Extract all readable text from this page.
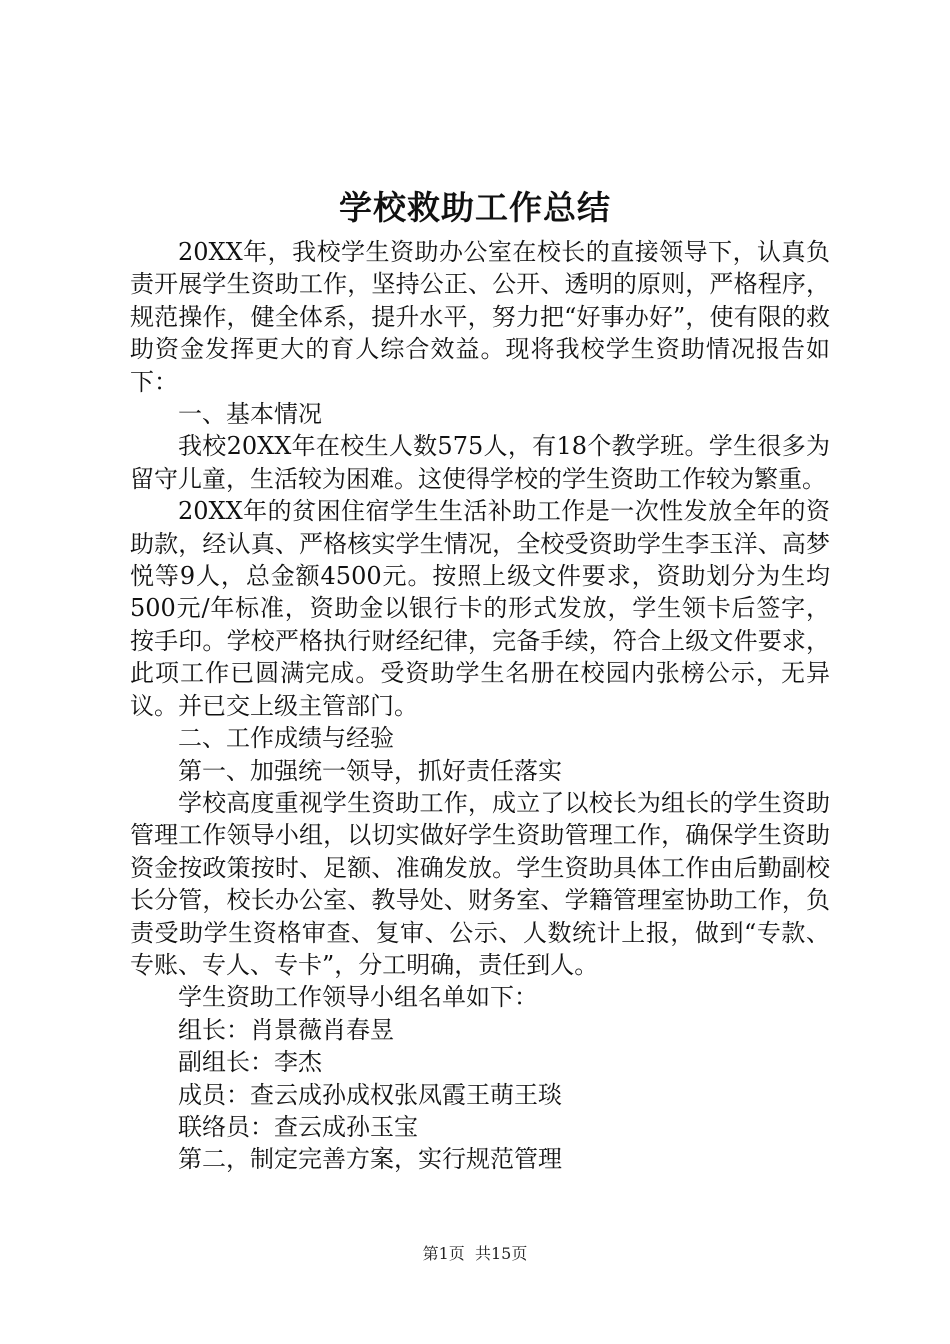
学校救助工作总结

20XX年，我校学生资助办公室在校长的直接领导下，认真负责开展学生资助工作，坚持公正、公开、透明的原则，严格程序，规范操作，健全体系，提升水平，努力把“好事办好”，使有限的救助资金发挥更大的育人综合效益。现将我校学生资助情况报告如下：

一、基本情况

我校20XX年在校生人数575人，有18个教学班。学生很多为留守儿童，生活较为困难。这使得学校的学生资助工作较为繁重。

20XX年的贫困住宿学生生活补助工作是一次性发放全年的资助款，经认真、严格核实学生情况，全校受资助学生李玉洋、高梦悦等9人，总金额4500元。按照上级文件要求，资助划分为生均500元/年标准，资助金以银行卡的形式发放，学生领卡后签字，按手印。学校严格执行财经纪律，完备手续，符合上级文件要求，此项工作已圆满完成。受资助学生名册在校园内张榜公示，无异议。并已交上级主管部门。

二、工作成绩与经验

第一、加强统一领导，抓好责任落实

学校高度重视学生资助工作，成立了以校长为组长的学生资助管理工作领导小组，以切实做好学生资助管理工作，确保学生资助资金按政策按时、足额、准确发放。学生资助具体工作由后勤副校长分管，校长办公室、教导处、财务室、学籍管理室协助工作，负责受助学生资格审查、复审、公示、人数统计上报，做到“专款、专账、专人、专卡”，分工明确，责任到人。

学生资助工作领导小组名单如下：

组长：肖景薇肖春昱

副组长：李杰

成员：查云成孙成权张凤霞王萌王琰

联络员：查云成孙玉宝

第二，制定完善方案，实行规范管理

第1页 共15页
